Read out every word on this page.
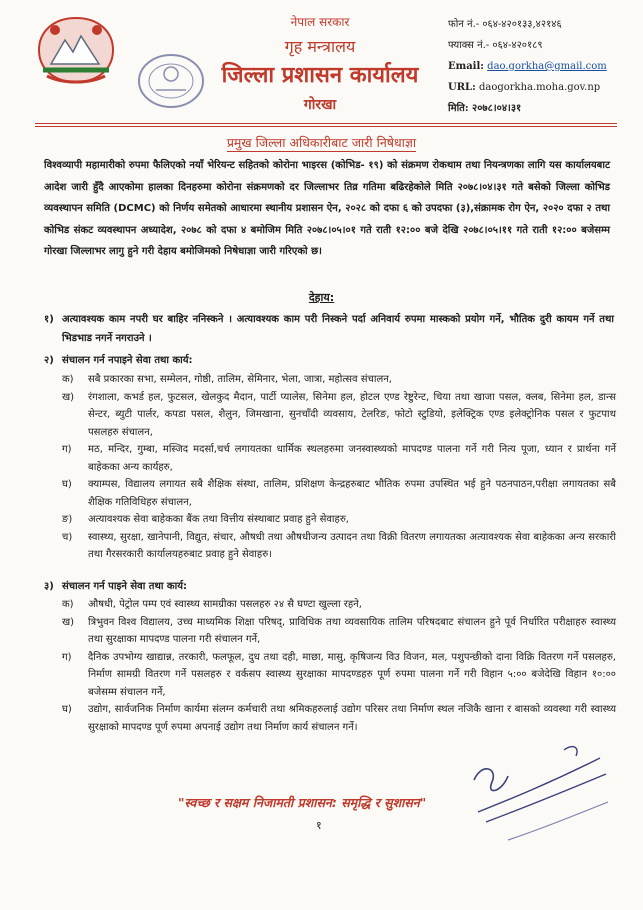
नेपाल सरकार
गृह मन्त्रालय
जिल्ला प्रशासन कार्यालय
गोरखा
फोन नं.- ०६४-४२०१३३,४२१४६
फ्याक्स नं.- ०६४-४२०१८९
Email: dao.gorkha@gmail.com
URL: daogorkha.moha.gov.np
मिति: २०७८।०४।३१
प्रमुख जिल्ला अधिकारीबाट जारी निषेधाज्ञा
विश्वव्यापी महामारीको रुपमा फैलिएको नयाँ भेरियन्ट सहितको कोरोना भाइरस (कोभिड- १९) को संक्रमण रोकथाम तथा नियन्त्रणका लागि यस कार्यालयबाट आदेश जारी हुँदै आएकोमा हालका दिनहरुमा कोरोना संक्रमणको दर जिल्लाभर तिव्र गतिमा बढिरहेकोले मिति २०७८।०४।३१ गते बसेको जिल्ला कोभिड व्यवस्थापन समिति (DCMC) को निर्णय समेतको आधारमा स्थानीय प्रशासन ऐन, २०२८ को दफा ६ को उपदफा (३),संक्रामक रोग ऐन, २०२० दफा २ तथा कोभिड संकट व्यवस्थापन अध्यादेश, २०७८ को दफा ४ बमोजिम मिति २०७८।०५।०१ गते राती १२:०० बजे देखि २०७८।०५।११ गते राती १२:०० बजेसम्म गोरखा जिल्लाभर लागु हुने गरी देहाय बमोजिमको निषेधाज्ञा जारी गरिएको छ।
देहाय:
१) अत्यावश्यक काम नपरी घर बाहिर ननिस्कने । अत्यावश्यक काम परी निस्कने पर्दा अनिवार्य रुपमा मास्कको प्रयोग गर्ने, भौतिक दुरी कायम गर्ने तथा भिडभाड नगर्ने नगराउने ।
२) संचालन गर्न नपाइने सेवा तथा कार्य:
क) सबै प्रकारका सभा, सम्मेलन, गोष्ठी, तालिम, सेमिनार, भेला, जात्रा, महोत्सव संचालन,
ख) रंगशाला, कभर्ड हल, फुटसल, खेलकुद मैदान, पार्टी प्यालेस, सिनेमा हल, होटल एण्ड रेष्टुरेन्ट, चिया तथा खाजा पसल, क्लब, सिनेमा हल, डान्स सेन्टर, ब्युटी पार्लर, कपडा पसल, शैलुन, जिमखाना, सुनचाँदी व्यवसाय, टेलरिङ, फोटो स्टुडियो, इलेक्ट्रिक एण्ड इलेक्ट्रोनिक पसल र फुटपाथ पसलहरु संचालन,
ग) मठ, मन्दिर, गुम्बा, मस्जिद मदर्सा,चर्च लगायतका धार्मिक स्थलहरुमा जनस्वास्थ्यको मापदण्ड पालना गर्ने गरी नित्य पूजा, ध्यान र प्रार्थना गर्ने बाहेकका अन्य कार्यहरु,
घ) क्याम्पस, विद्यालय लगायत सबै शैक्षिक संस्था, तालिम, प्रशिक्षण केन्द्रहरुबाट भौतिक रुपमा उपस्थित भई हुने पठनपाठन,परीक्षा लगायतका सबै शैक्षिक गतिविधिहरु संचालन,
ङ) अत्यावश्यक सेवा बाहेकका बैंक तथा वित्तीय संस्थाबाट प्रवाह हुने सेवाहरु,
च) स्वास्थ्य, सुरक्षा, खानेपानी, विद्युत, संचार, औषधी तथा औषधीजन्य उत्पादन तथा विक्री वितरण लगायतका अत्यावश्यक सेवा बाहेकका अन्य सरकारी तथा गैरसरकारी कार्यालयहरुबाट प्रवाह हुने सेवाहरु।
३) संचालन गर्न पाइने सेवा तथा कार्य:
क) औषधी, पेट्रोल पम्प एवं स्वास्थ्य सामग्रीका पसलहरु २४ सै घण्टा खुल्ला रहने,
ख) त्रिभुवन विश्व विद्यालय, उच्च माध्यमिक शिक्षा परिषद्, प्राविधिक तथा व्यवसायिक तालिम परिषदबाट संचालन हुने पूर्व निर्धारित परीक्षाहरु स्वास्थ्य तथा सुरक्षाका मापदण्ड पालना गरी संचालन गर्ने,
ग) दैनिक उपभोग्य खाद्यान्न, तरकारी, फलफूल, दुध तथा दही, माछा, मासु, कृषिजन्य विउ विजन, मल, पशुपन्छीको दाना विक्रि वितरण गर्ने पसलहरु, निर्माण सामग्री वितरण गर्ने पसलहरु र वर्कसप स्वास्थ्य सुरक्षाका मापदण्डहरु पूर्ण रुपमा पालना गर्ने गरी विहान ५:०० बजेदेखि विहान १०:०० बजेसम्म संचालन गर्ने,
घ) उद्योग, सार्वजनिक निर्माण कार्यमा संलग्न कर्मचारी तथा श्रमिकहरुलाई उद्योग परिसर तथा निर्माण स्थल नजिकै खाना र बासको व्यवस्था गरी स्वास्थ्य सुरक्षाको मापदण्ड पूर्ण रुपमा अपनाई उद्योग तथा निर्माण कार्य संचालन गर्ने।
"स्वच्छ र सक्षम निजामती प्रशासन: समृद्धि र सुशासन"
१
